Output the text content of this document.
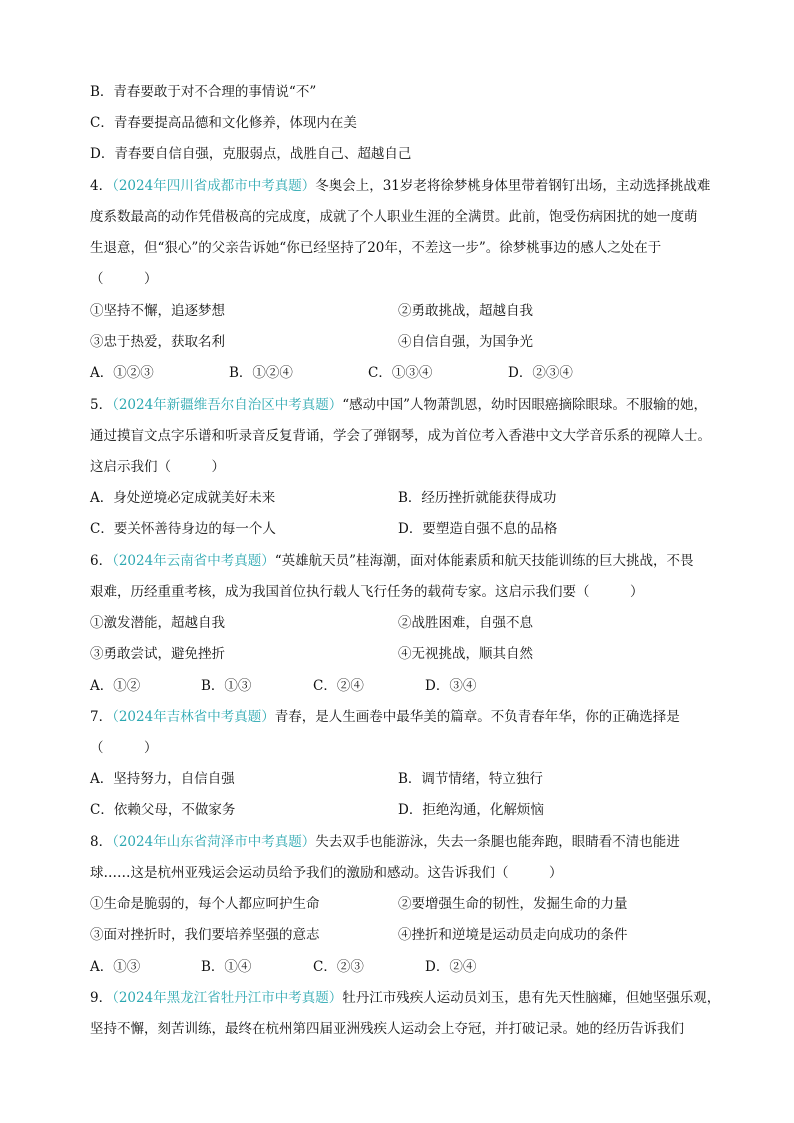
B．青春要敢于对不合理的事情说“不”
C．青春要提高品德和文化修养，体现内在美
D．青春要自信自强，克服弱点，战胜自己、超越自己
4．（2024年四川省成都市中考真题）冬奥会上，31岁老将徐梦桃身体里带着钢钉出场，主动选择挑战难
度系数最高的动作凭借极高的完成度，成就了个人职业生涯的全满贯。此前，饱受伤病困扰的她一度萌
生退意，但“狠心”的父亲告诉她“你已经坚持了20年，不差这一步”。徐梦桃事边的感人之处在于
（　　　）
①坚持不懈，追逐梦想	②勇敢挑战，超越自我
③忠于热爱，获取名利	④自信自强，为国争光
A．①②③	B．①②④	C．①③④	D．②③④
5．（2024年新疆维吾尔自治区中考真题）“感动中国”人物萧凯恩，幼时因眼癌摘除眼球。不服输的她，
通过摸盲文点字乐谱和听录音反复背诵，学会了弹钢琴，成为首位考入香港中文大学音乐系的视障人士。
这启示我们（　　　）
A．身处逆境必定成就美好未来	B．经历挫折就能获得成功
C．要关怀善待身边的每一个人	D．要塑造自强不息的品格
6．（2024年云南省中考真题）“英雄航天员”桂海潮，面对体能素质和航天技能训练的巨大挑战，不畏
艰难，历经重重考核，成为我国首位执行载人飞行任务的载荷专家。这启示我们要（　　　）
①激发潜能，超越自我	②战胜困难，自强不息
③勇敢尝试，避免挫折	④无视挑战，顺其自然
A．①②	B．①③	C．②④	D．③④
7．（2024年吉林省中考真题）青春，是人生画卷中最华美的篇章。不负青春年华，你的正确选择是
（　　　）
A．坚持努力，自信自强	B．调节情绪，特立独行
C．依赖父母，不做家务	D．拒绝沟通，化解烦恼
8．（2024年山东省菏泽市中考真题）失去双手也能游泳，失去一条腿也能奔跑，眼睛看不清也能进
球……这是杭州亚残运会运动员给予我们的激励和感动。这告诉我们（　　　）
①生命是脆弱的，每个人都应呵护生命	②要增强生命的韧性，发掘生命的力量
③面对挫折时，我们要培养坚强的意志	④挫折和逆境是运动员走向成功的条件
A．①③	B．①④	C．②③	D．②④
9．（2024年黑龙江省牡丹江市中考真题）牡丹江市残疾人运动员刘玉，患有先天性脑瘫，但她坚强乐观，
坚持不懈，刻苦训练，最终在杭州第四届亚洲残疾人运动会上夺冠，并打破记录。她的经历告诉我们
